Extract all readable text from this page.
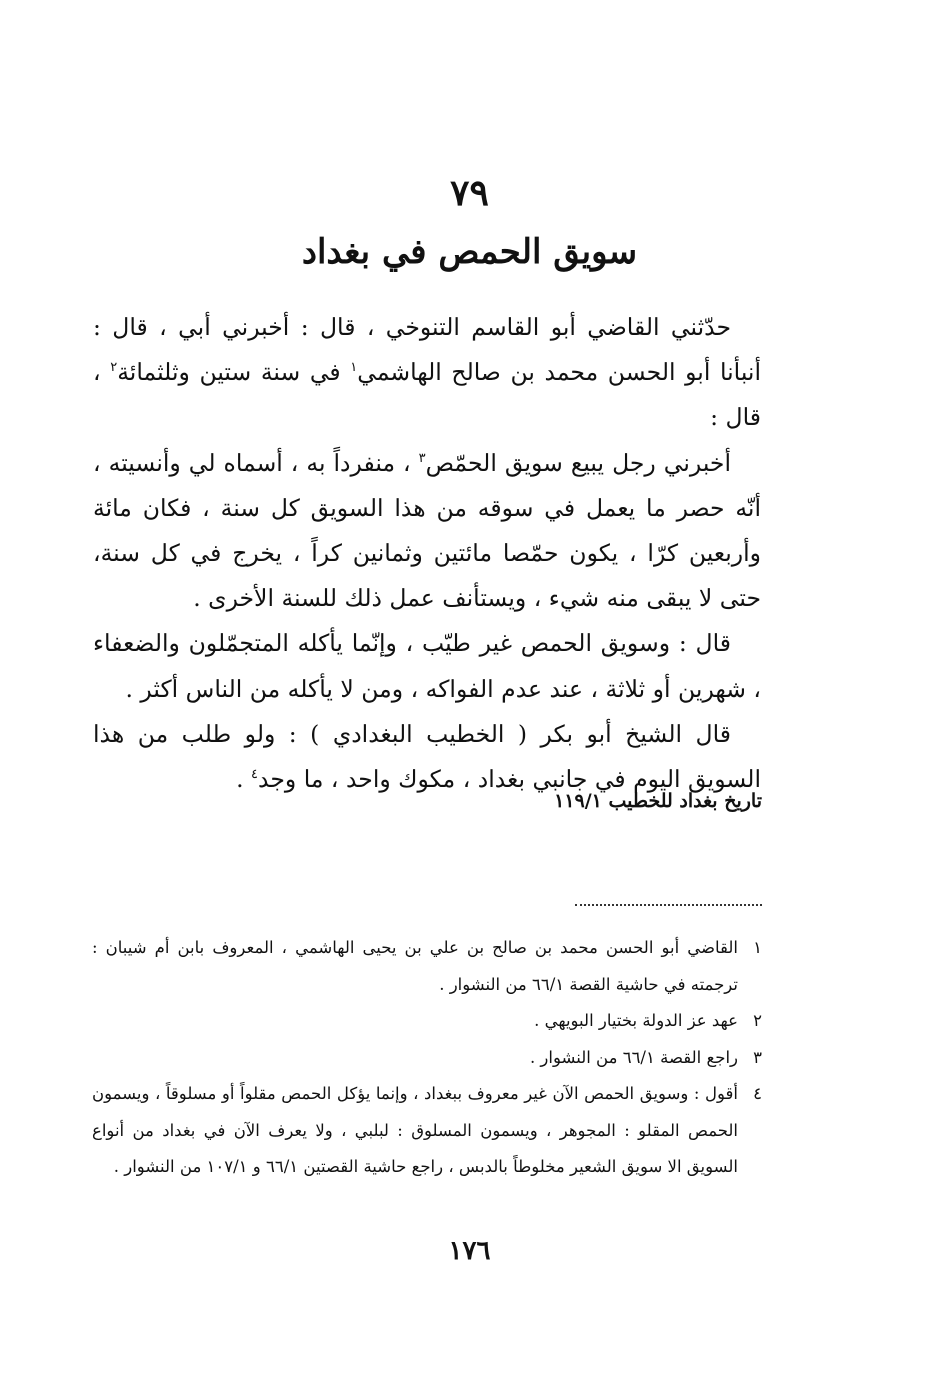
٧٩
سويق الحمص في بغداد

حدّثني القاضي أبو القاسم التنوخي ، قال : أخبرني أبي ، قال : أنبأنا أبو الحسن محمد بن صالح الهاشمي$^١$ في سنة ستين وثلثمائة$^٢$ ، قال :

أخبرني رجل يبيع سويق الحمّص$^٣$ ، منفرداً به ، أسماه لي وأنسيته ، أنّه حصر ما يعمل في سوقه من هذا السويق كل سنة ، فكان مائة وأربعين كرّا ، يكون حمّصا مائتين وثمانين كراً ، يخرج في كل سنة، حتى لا يبقى منه شيء ، ويستأنف عمل ذلك للسنة الأخرى .

قال : وسويق الحمص غير طيّب ، وإنّما يأكله المتجمّلون والضعفاء ، شهرين أو ثلاثة ، عند عدم الفواكه ، ومن لا يأكله من الناس أكثر .

قال الشيخ أبو بكر ( الخطيب البغدادي ) : ولو طلب من هذا السويق اليوم في جانبي بغداد ، مكوك واحد ، ما وجد$^٤$ .

تاريخ بغداد للخطيب ١١٩/١
١
القاضي أبو الحسن محمد بن صالح بن علي بن يحيى الهاشمي ، المعروف بابن أم شيبان : ترجمته في حاشية القصة ٦٦/١ من النشوار .
٢
عهد عز الدولة بختيار البويهي .
٣
راجع القصة ٦٦/١ من النشوار .
٤
أقول : وسويق الحمص الآن غير معروف ببغداد ، وإنما يؤكل الحمص مقلواً أو مسلوقاً ، ويسمون الحمص المقلو : المجوهر ، ويسمون المسلوق : لبلبي ، ولا يعرف الآن في بغداد من أنواع السويق الا سويق الشعير مخلوطاً بالدبس ، راجع حاشية القصتين ٦٦/١ و ١٠٧/١ من النشوار .
١٧٦
